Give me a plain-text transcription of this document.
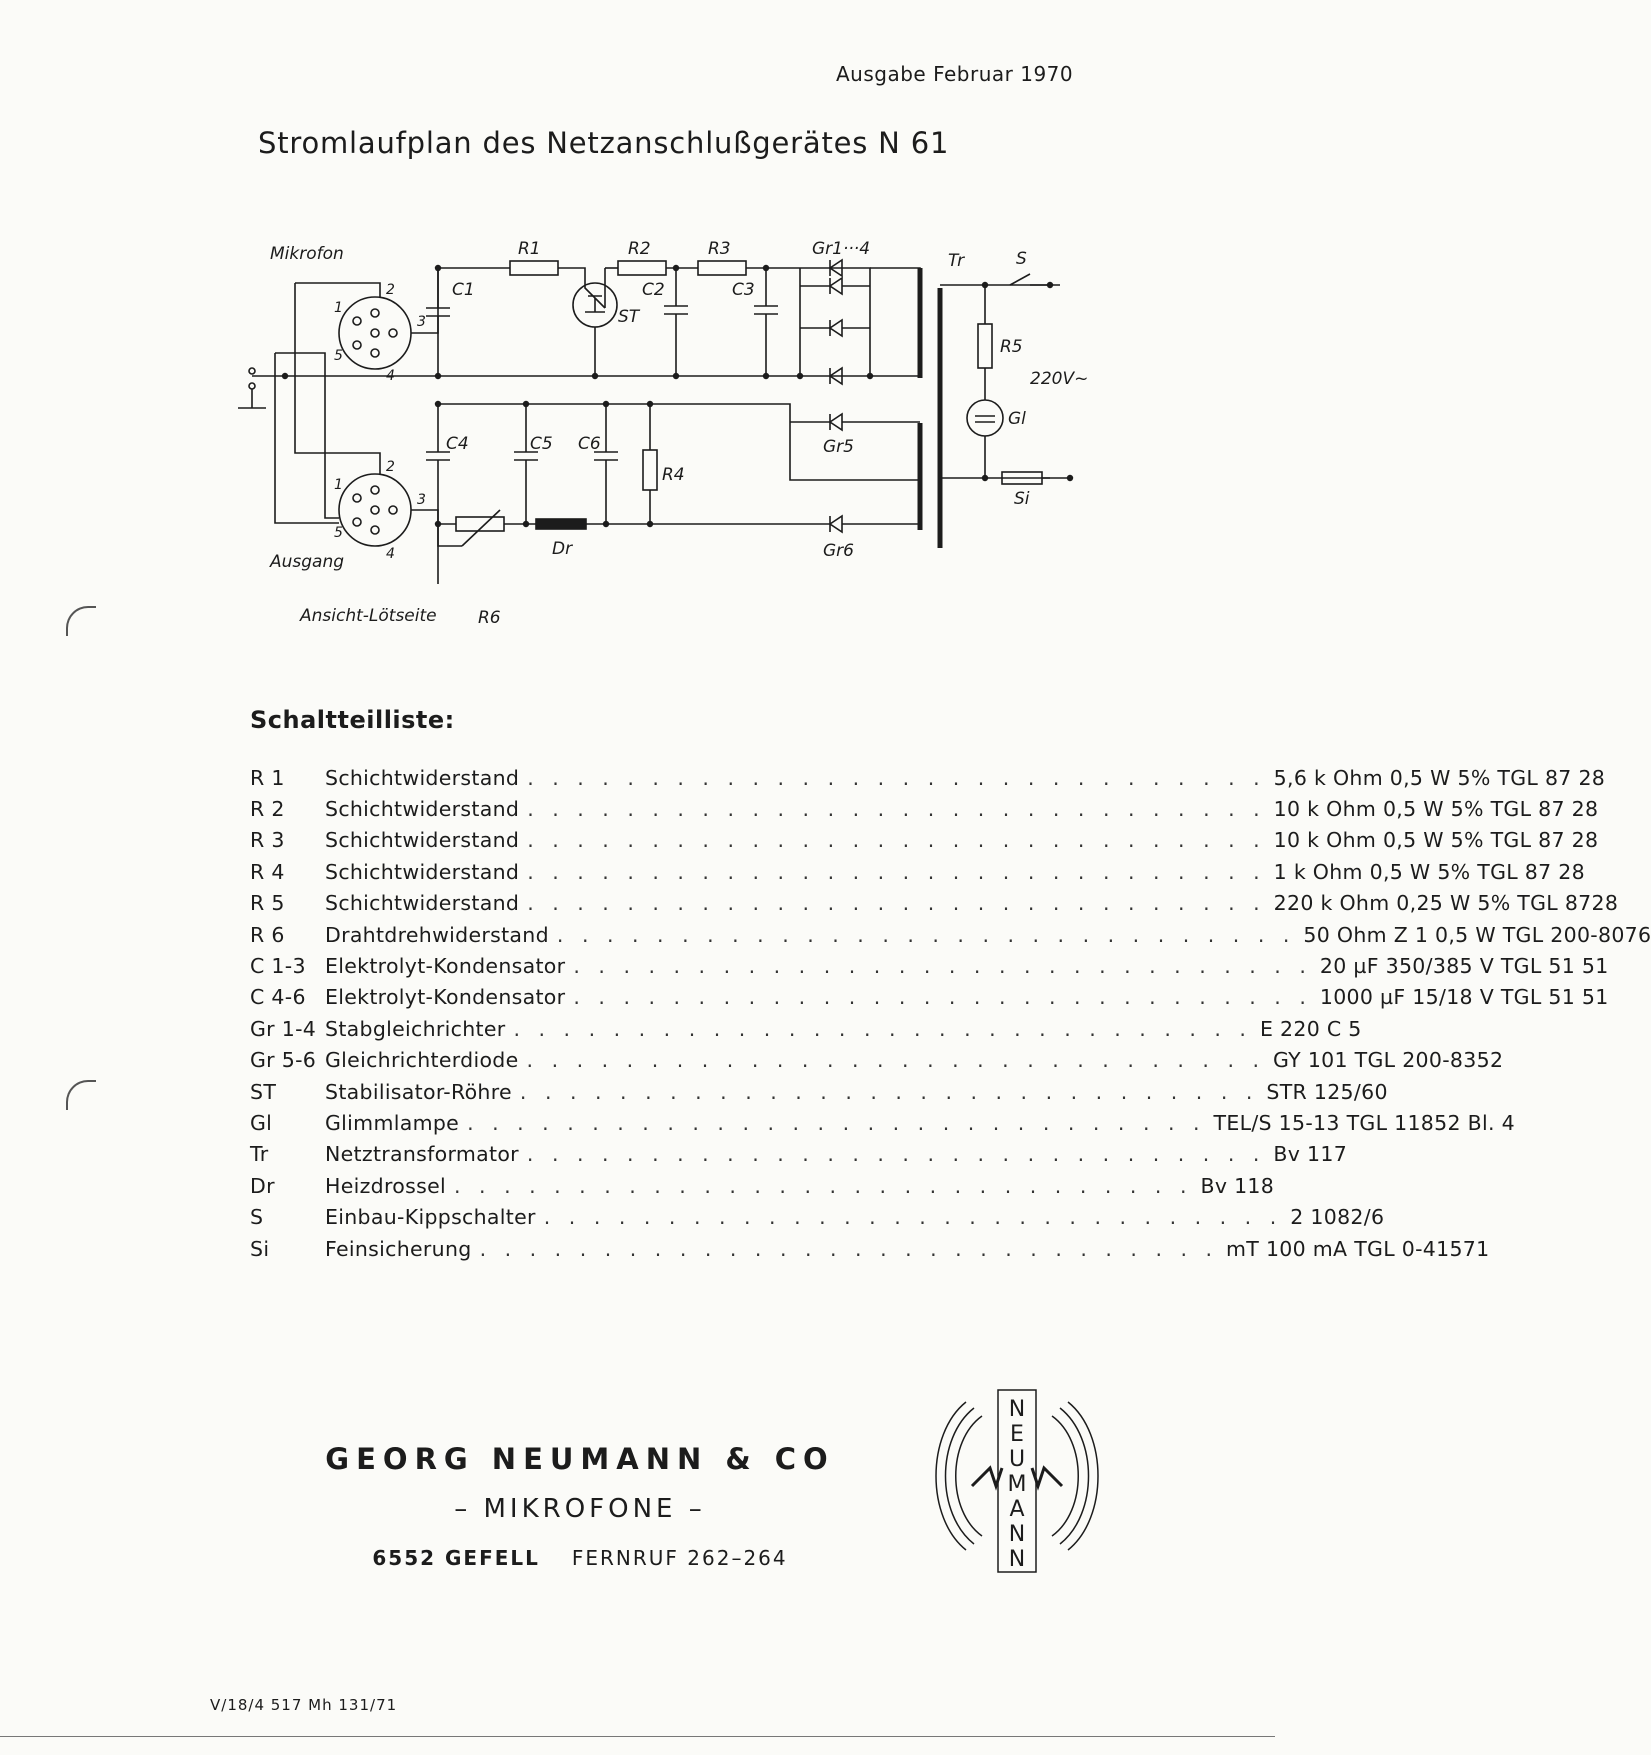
Ausgabe Februar 1970
Stromlaufplan des Netzanschlußgerätes N 61
Mikrofon
Ausgang
Ansicht-Lötseite
R1	R2	R3
R4
R5
R6
C1	C2	C3
C4	C5 C6
Gr1···4
Gr5
Gr6
ST
Tr	S
Gl
Si
Dr
220V~
2
1
3
5
4
2
1
3
5
4
Schaltteilliste:
R 1	Schichtwiderstand . . . . . . . . . . . . . . . . . . . . . . . . . . . . . . 5,6 k Ohm 0,5 W 5% TGL 87 28
R 2	Schichtwiderstand . . . . . . . . . . . . . . . . . . . . . . . . . . . . . . 10 k Ohm 0,5 W 5% TGL 87 28
R 3	Schichtwiderstand . . . . . . . . . . . . . . . . . . . . . . . . . . . . . . 10 k Ohm 0,5 W 5% TGL 87 28
R 4	Schichtwiderstand . . . . . . . . . . . . . . . . . . . . . . . . . . . . . . 1 k Ohm 0,5 W 5% TGL 87 28
R 5	Schichtwiderstand . . . . . . . . . . . . . . . . . . . . . . . . . . . . . . 220 k Ohm 0,25 W 5% TGL 8728
R 6	Drahtdrehwiderstand . . . . . . . . . . . . . . . . . . . . . . . . . . . . . . 50 Ohm Z 1 0,5 W TGL 200-8076
C 1-3 Elektrolyt-Kondensator . . . . . . . . . . . . . . . . . . . . . . . . . . . . . . 20 µF 350/385 V TGL 51 51
C 4-6 Elektrolyt-Kondensator . . . . . . . . . . . . . . . . . . . . . . . . . . . . . . 1000 µF 15/18 V TGL 51 51
Gr 1-4 Stabgleichrichter . . . . . . . . . . . . . . . . . . . . . . . . . . . . . . E 220 C 5
Gr 5-6 Gleichrichterdiode . . . . . . . . . . . . . . . . . . . . . . . . . . . . . . GY 101 TGL 200-8352
ST	Stabilisator-Röhre . . . . . . . . . . . . . . . . . . . . . . . . . . . . . . STR 125/60
Gl	Glimmlampe . . . . . . . . . . . . . . . . . . . . . . . . . . . . . . TEL/S 15-13 TGL 11852 Bl. 4
Tr	Netztransformator . . . . . . . . . . . . . . . . . . . . . . . . . . . . . . Bv 117
Dr	Heizdrossel . . . . . . . . . . . . . . . . . . . . . . . . . . . . . . Bv 118
S	Einbau-Kippschalter . . . . . . . . . . . . . . . . . . . . . . . . . . . . . . 2 1082/6
Si	Feinsicherung . . . . . . . . . . . . . . . . . . . . . . . . . . . . . . mT 100 mA TGL 0-41571
GEORG NEUMANN & CO
– MIKROFONE –
6552 GEFELL FERNRUF 262–264
N
E
U
M
A
N
N
V/18/4 517 Mh 131/71
